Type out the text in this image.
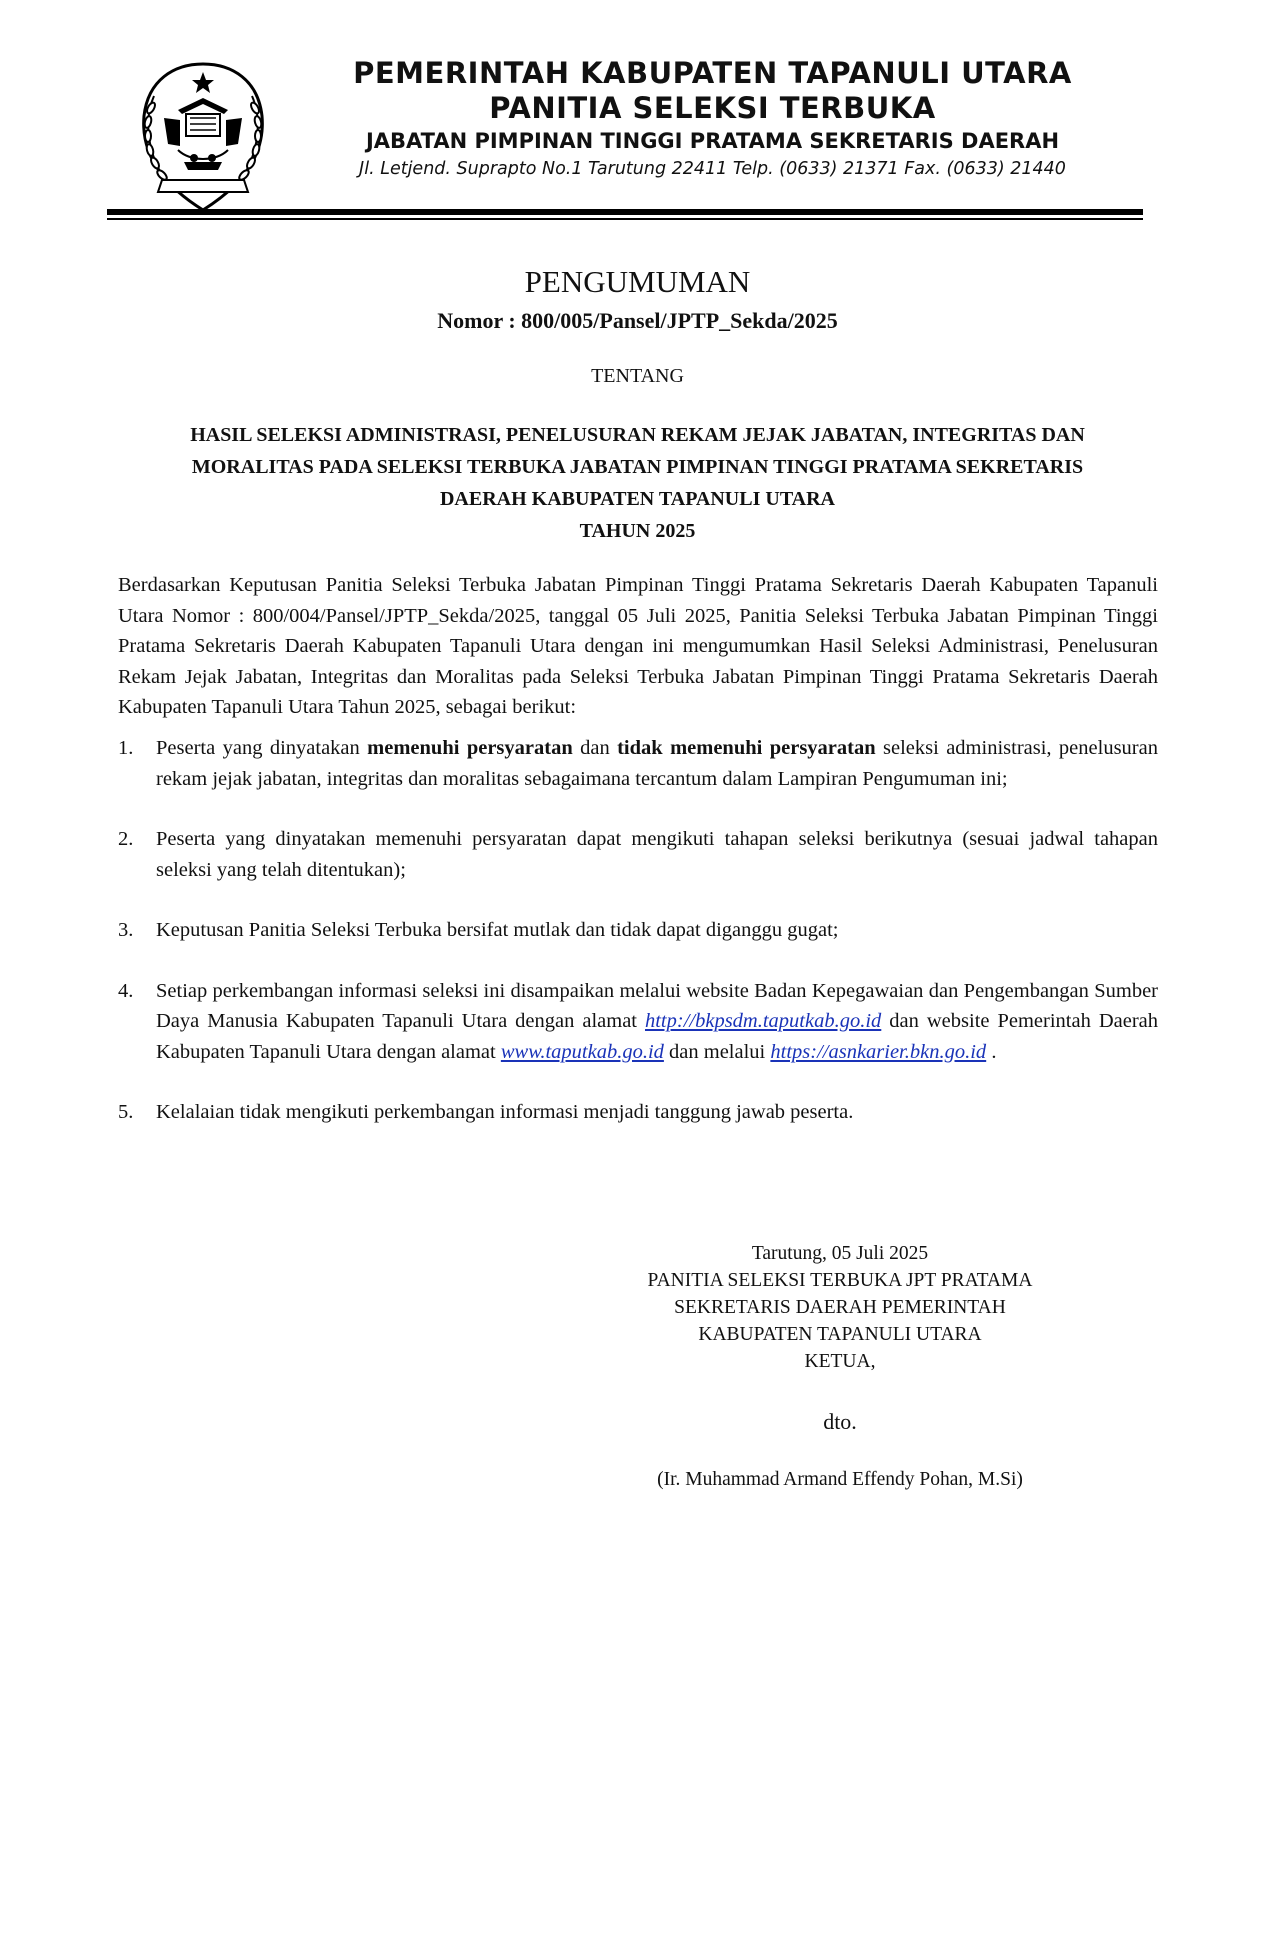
PEMERINTAH KABUPATEN TAPANULI UTARA
PANITIA SELEKSI TERBUKA
JABATAN PIMPINAN TINGGI PRATAMA SEKRETARIS DAERAH
Jl. Letjend. Suprapto No.1 Tarutung 22411 Telp. (0633) 21371 Fax. (0633) 21440
PENGUMUMAN
Nomor : 800/005/Pansel/JPTP_Sekda/2025
TENTANG
HASIL SELEKSI ADMINISTRASI, PENELUSURAN REKAM JEJAK JABATAN, INTEGRITAS DAN
MORALITAS PADA SELEKSI TERBUKA JABATAN PIMPINAN TINGGI PRATAMA SEKRETARIS
DAERAH KABUPATEN TAPANULI UTARA
TAHUN 2025
Berdasarkan Keputusan Panitia Seleksi Terbuka Jabatan Pimpinan Tinggi Pratama Sekretaris Daerah Kabupaten Tapanuli Utara Nomor : 800/004/Pansel/JPTP_Sekda/2025, tanggal 05 Juli 2025, Panitia Seleksi Terbuka Jabatan Pimpinan Tinggi Pratama Sekretaris Daerah Kabupaten Tapanuli Utara dengan ini mengumumkan Hasil Seleksi Administrasi, Penelusuran Rekam Jejak Jabatan, Integritas dan Moralitas pada Seleksi Terbuka Jabatan Pimpinan Tinggi Pratama Sekretaris Daerah Kabupaten Tapanuli Utara Tahun 2025, sebagai berikut:
1. Peserta yang dinyatakan memenuhi persyaratan dan tidak memenuhi persyaratan seleksi administrasi, penelusuran rekam jejak jabatan, integritas dan moralitas sebagaimana tercantum dalam Lampiran Pengumuman ini;
2. Peserta yang dinyatakan memenuhi persyaratan dapat mengikuti tahapan seleksi berikutnya (sesuai jadwal tahapan seleksi yang telah ditentukan);
3. Keputusan Panitia Seleksi Terbuka bersifat mutlak dan tidak dapat diganggu gugat;
4. Setiap perkembangan informasi seleksi ini disampaikan melalui website Badan Kepegawaian dan Pengembangan Sumber Daya Manusia Kabupaten Tapanuli Utara dengan alamat http://bkpsdm.taputkab.go.id dan website Pemerintah Daerah Kabupaten Tapanuli Utara dengan alamat www.taputkab.go.id dan melalui https://asnkarier.bkn.go.id .
5. Kelalaian tidak mengikuti perkembangan informasi menjadi tanggung jawab peserta.
Tarutung, 05 Juli 2025
PANITIA SELEKSI TERBUKA JPT PRATAMA
SEKRETARIS DAERAH PEMERINTAH
KABUPATEN TAPANULI UTARA
KETUA,
dto.
(Ir. Muhammad Armand Effendy Pohan, M.Si)
